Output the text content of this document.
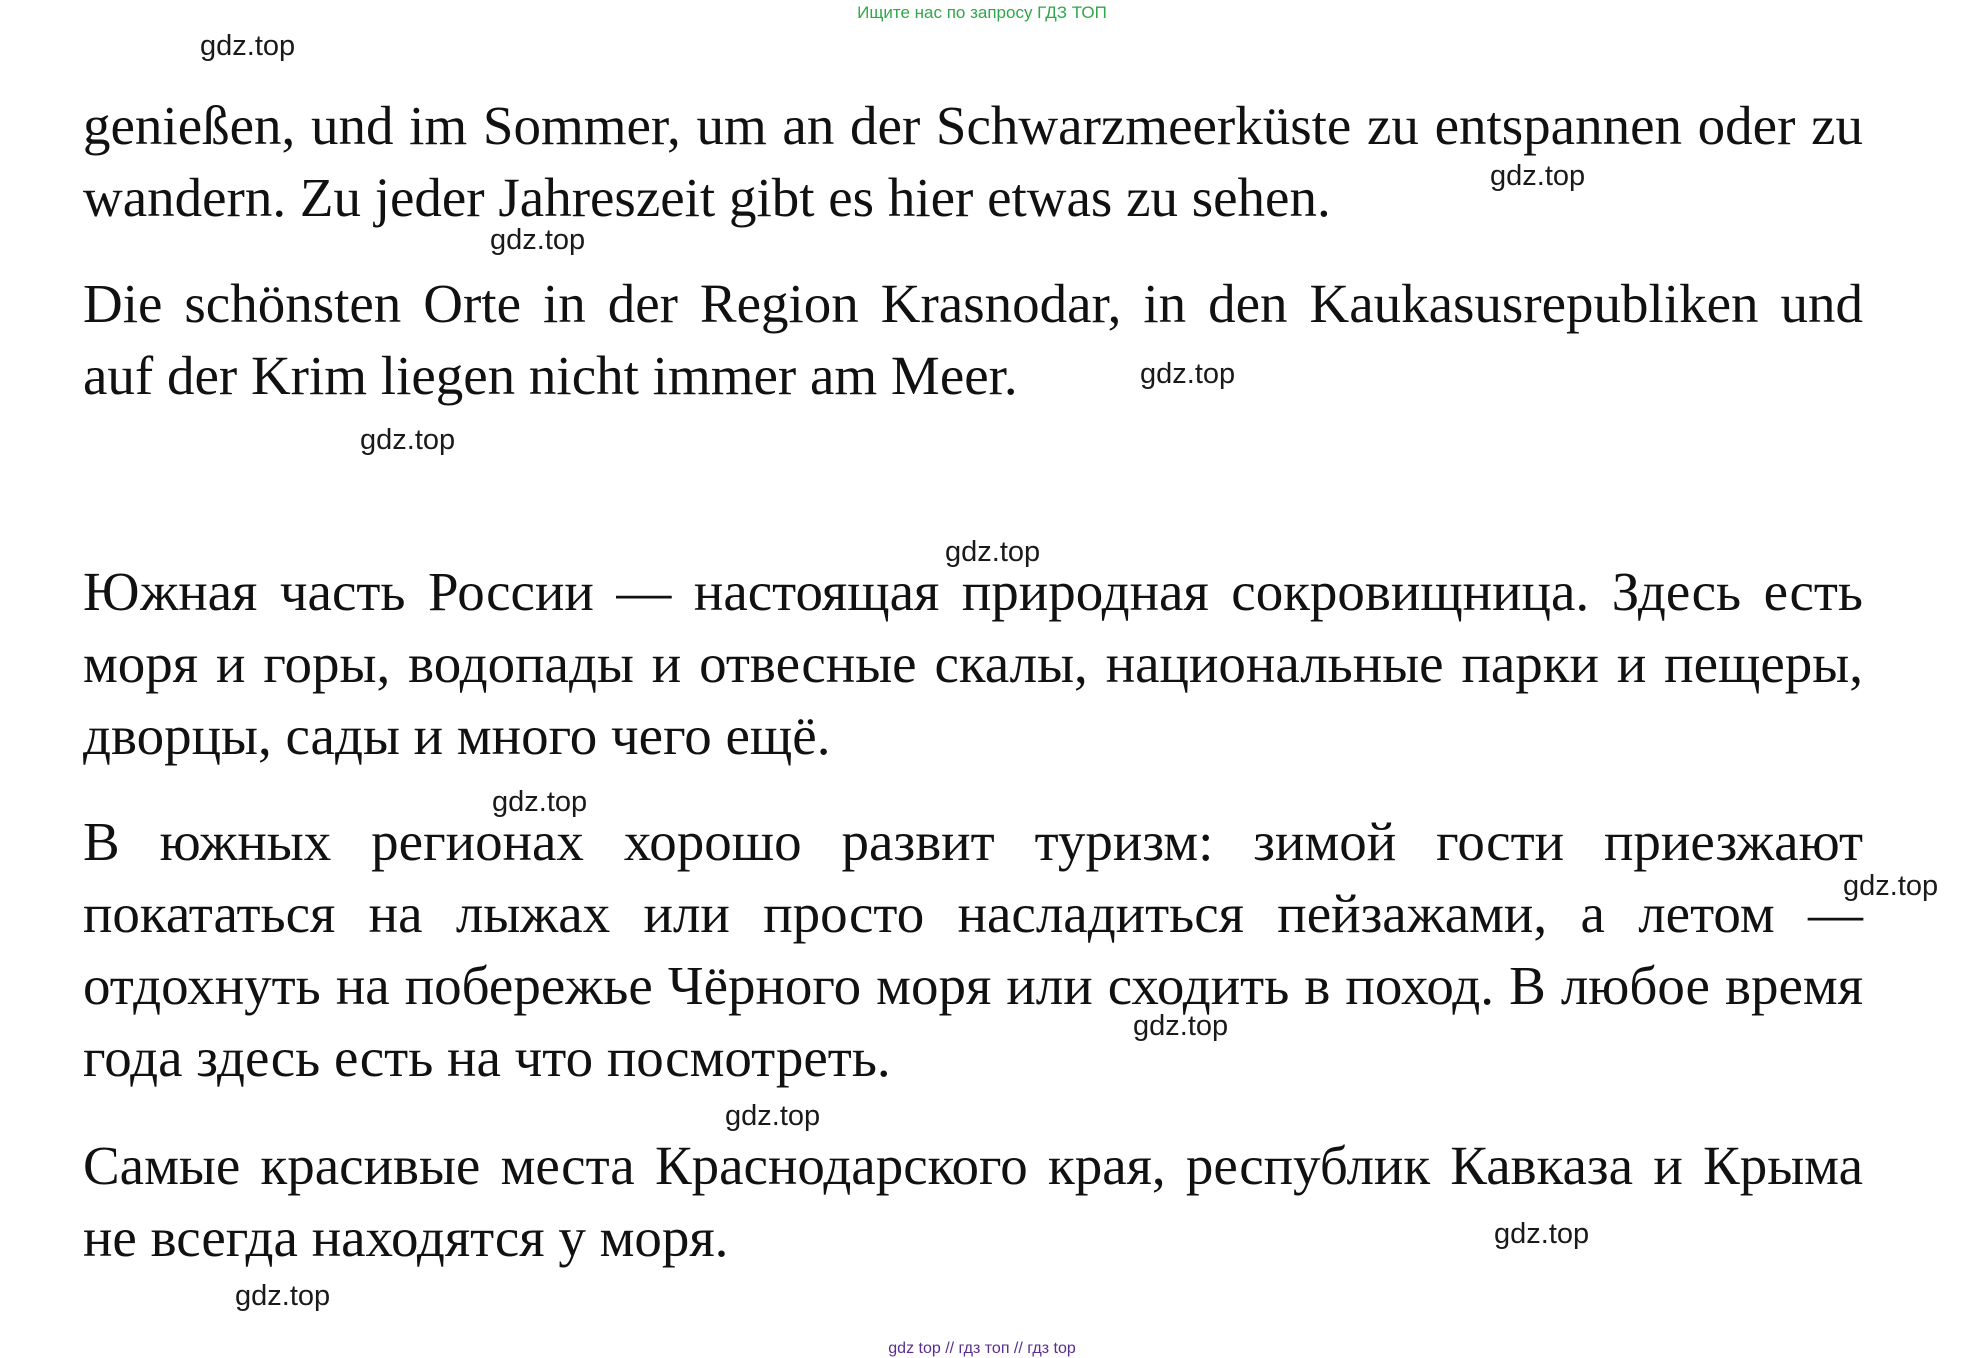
Ищите нас по запросу ГДЗ ТОП

genießen, und im Sommer, um an der Schwarzmeerküste zu entspannen oder zu wandern. Zu jeder Jahreszeit gibt es hier etwas zu sehen.

Die schönsten Orte in der Region Krasnodar, in den Kaukasusrepubliken und auf der Krim liegen nicht immer am Meer.

Южная часть России — настоящая природная сокровищница. Здесь есть моря и горы, водопады и отвесные скалы, национальные парки и пещеры, дворцы, сады и много чего ещё.

В южных регионах хорошо развит туризм: зимой гости приезжают покататься на лыжах или просто насладиться пейзажами, а летом — отдохнуть на побережье Чёрного моря или сходить в поход. В любое время года здесь есть на что посмотреть.

Самые красивые места Краснодарского края, республик Кавказа и Крыма не всегда находятся у моря.

gdz.top
gdz.top
gdz.top
gdz.top
gdz.top
gdz.top
gdz.top
gdz.top
gdz.top
gdz.top
gdz.top
gdz.top
gdz top // гдз топ // гдз top
